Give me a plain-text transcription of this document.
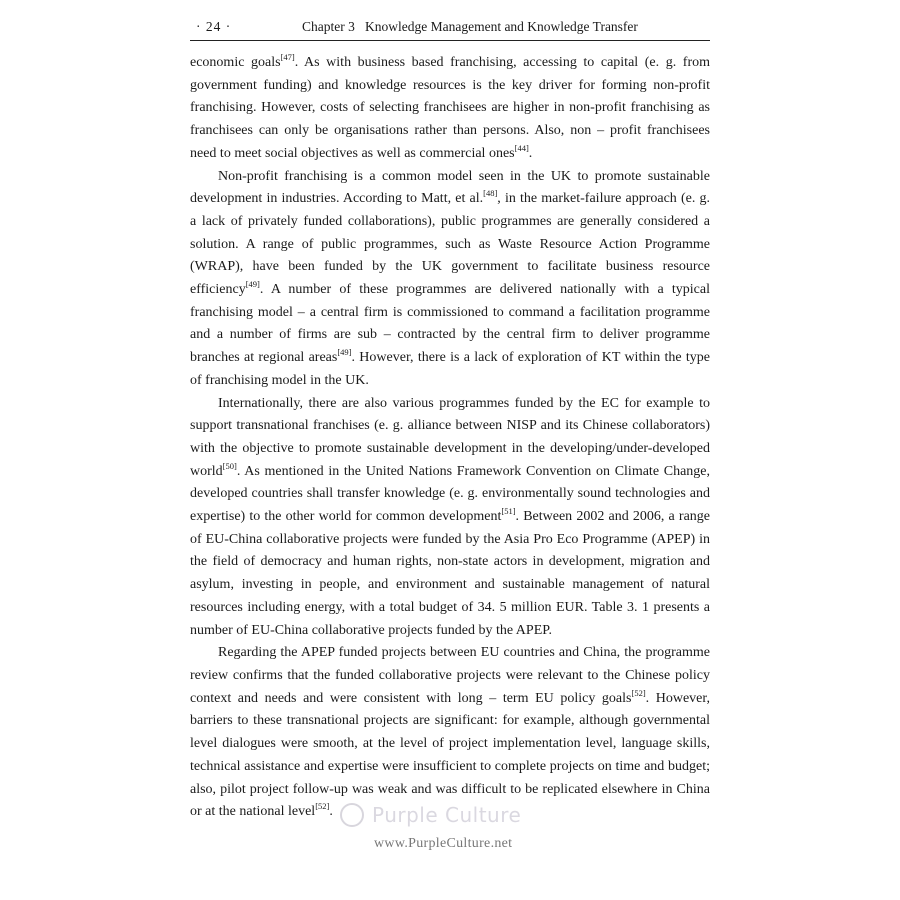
· 24 ·	Chapter 3   Knowledge Management and Knowledge Transfer

economic goals[47]. As with business based franchising, accessing to capital (e. g. from government funding) and knowledge resources is the key driver for forming non-profit franchising. However, costs of selecting franchisees are higher in non-profit franchising as franchisees can only be organisations rather than persons. Also, non – profit franchisees need to meet social objectives as well as commercial ones[44].

Non-profit franchising is a common model seen in the UK to promote sustainable development in industries. According to Matt, et al.[48], in the market-failure approach (e. g. a lack of privately funded collaborations), public programmes are generally considered a solution. A range of public programmes, such as Waste Resource Action Programme (WRAP), have been funded by the UK government to facilitate business resource efficiency[49]. A number of these programmes are delivered nationally with a typical franchising model – a central firm is commissioned to command a facilitation programme and a number of firms are sub – contracted by the central firm to deliver programme branches at regional areas[49]. However, there is a lack of exploration of KT within the type of franchising model in the UK.

Internationally, there are also various programmes funded by the EC for example to support transnational franchises (e. g. alliance between NISP and its Chinese collaborators) with the objective to promote sustainable development in the developing/under-developed world[50]. As mentioned in the United Nations Framework Convention on Climate Change, developed countries shall transfer knowledge (e. g. environmentally sound technologies and expertise) to the other world for common development[51]. Between 2002 and 2006, a range of EU-China collaborative projects were funded by the Asia Pro Eco Programme (APEP) in the field of democracy and human rights, non-state actors in development, migration and asylum, investing in people, and environment and sustainable management of natural resources including energy, with a total budget of 34. 5 million EUR. Table 3. 1 presents a number of EU-China collaborative projects funded by the APEP.

Regarding the APEP funded projects between EU countries and China, the programme review confirms that the funded collaborative projects were relevant to the Chinese policy context and needs and were consistent with long – term EU policy goals[52]. However, barriers to these transnational projects are significant: for example, although governmental level dialogues were smooth, at the level of project implementation level, language skills, technical assistance and expertise were insufficient to complete projects on time and budget; also, pilot project follow-up was weak and was difficult to be replicated elsewhere in China or at the national level[52].	Purple Culture
www.PurpleCulture.net
